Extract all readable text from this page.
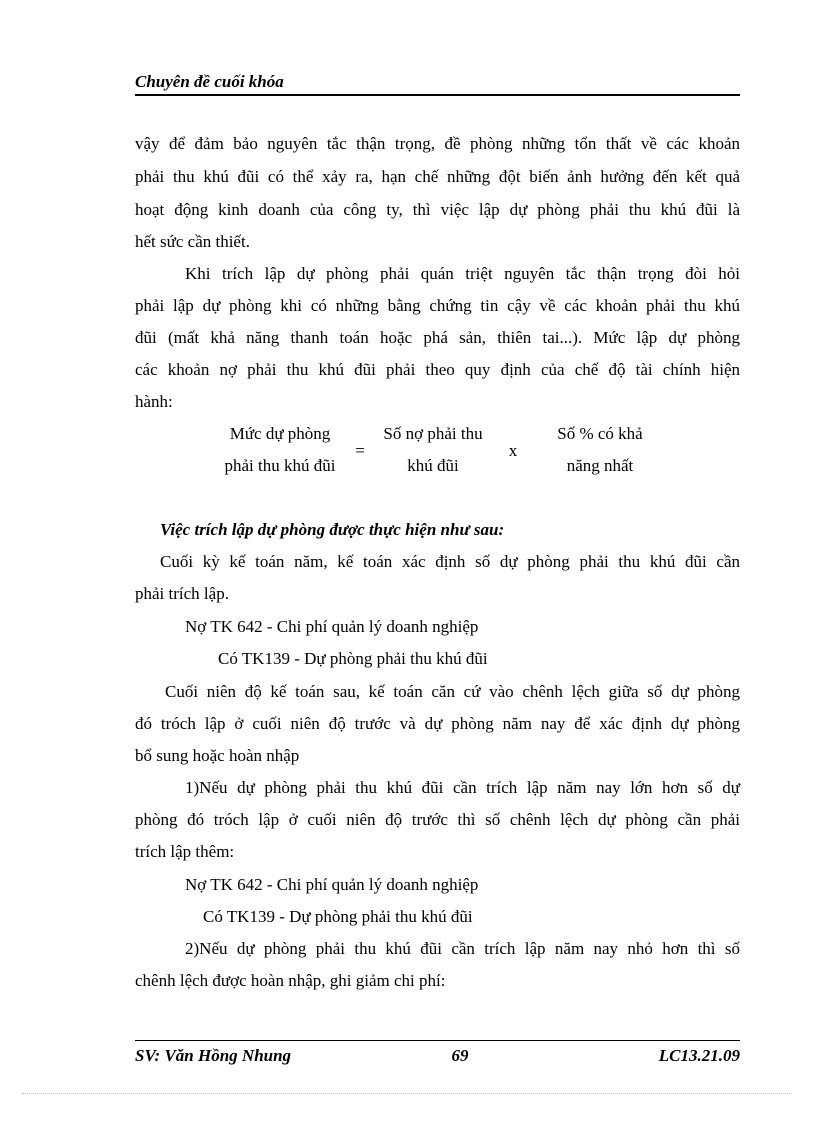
Chuyên đề cuối khóa
vậy để đảm bảo nguyên tắc thận trọng, đề phòng những tổn thất về các khoản
phải thu khú đũi có thể xảy ra, hạn chế những đột biến ảnh hưởng đến kết quả
hoạt động kinh doanh của công ty, thì việc lập dự phòng phải thu khú đũi là
hết sức cần thiết.
Khi trích lập dự phòng phải quán triệt nguyên tắc thận trọng đòi hỏi
phải lập dự phòng khi có những bằng chứng tin cậy về các khoản phải thu khú
đũi (mất khả năng thanh toán hoặc phá sản, thiên tai...). Mức lập dự phòng
các khoản nợ phải thu khú đũi phải theo quy định của chế độ tài chính hiện
hành:
Mức dự phòng
phải thu khú đũi
=
Số nợ phải thu
khú đũi
x
Số % có khả
năng nhất
Việc trích lập dự phòng được thực hiện như sau:
Cuối kỳ kế toán năm, kế toán xác định số dự phòng phải thu khú đũi cần
phải trích lập.
Nợ TK 642 - Chi phí quản lý doanh nghiệp
Có TK139 - Dự phòng phải thu khú đũi
Cuối niên độ kế toán sau, kế toán căn cứ vào chênh lệch giữa số dự phòng
đó tróch lập ở cuối niên độ trước và dự phòng năm nay để xác định dự phòng
bổ sung hoặc hoàn nhập
1)Nếu dự phòng phải thu khú đũi cần trích lập năm nay lớn hơn số dự
phòng đó tróch lập ở cuối niên độ trước thì số chênh lệch dự phòng cần phải
trích lập thêm:
Nợ TK 642 - Chi phí quản lý doanh nghiệp
Có TK139 - Dự phòng phải thu khú đũi
2)Nếu dự phòng phải thu khú đũi cần trích lập năm nay nhỏ hơn thì số
chênh lệch được hoàn nhập, ghi giảm chi phí:
SV: Văn Hồng Nhung	69	LC13.21.09
